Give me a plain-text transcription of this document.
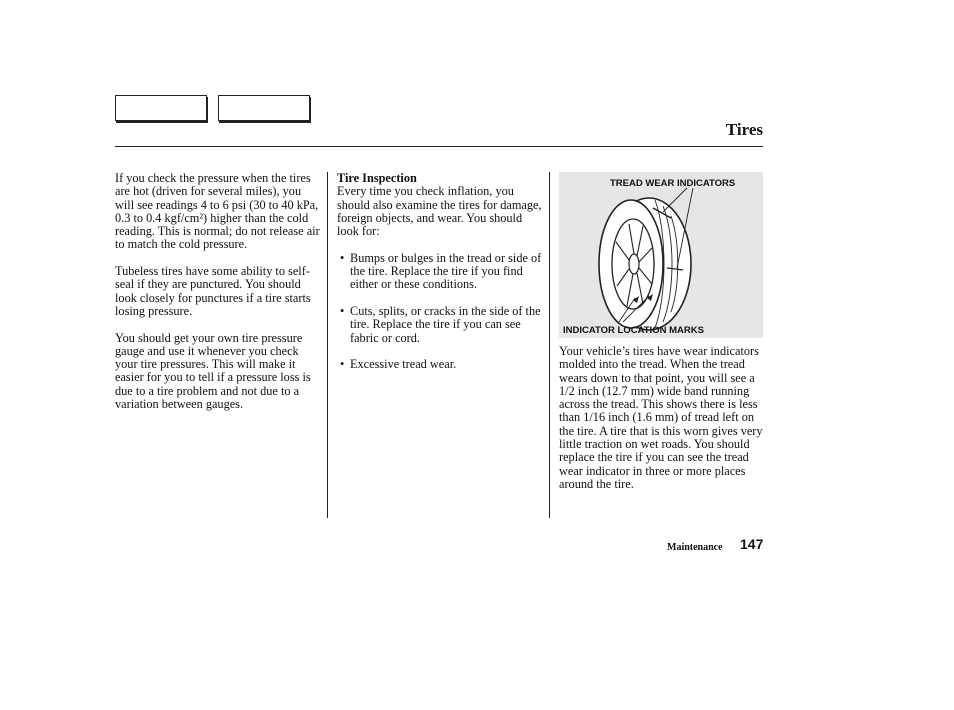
Tires

If you check the pressure when the tires are hot (driven for several miles), you will see readings 4 to 6 psi (30 to 40 kPa, 0.3 to 0.4 kgf/cm²) higher than the cold reading. This is normal; do not release air to match the cold pressure.

Tubeless tires have some ability to self-seal if they are punctured. You should look closely for punctures if a tire starts losing pressure.

You should get your own tire pressure gauge and use it whenever you check your tire pressures. This will make it easier for you to tell if a pressure loss is due to a tire problem and not due to a variation between gauges.

Tire Inspection

Every time you check inflation, you should also examine the tires for damage, foreign objects, and wear. You should look for:

• Bumps or bulges in the tread or side of the tire. Replace the tire if you find either or these conditions.
• Cuts, splits, or cracks in the side of the tire. Replace the tire if you can see fabric or cord.
• Excessive tread wear.
TREAD WEAR INDICATORS
INDICATOR LOCATION MARKS

Your vehicle’s tires have wear indicators molded into the tread. When the tread wears down to that point, you will see a 1/2 inch (12.7 mm) wide band running across the tread. This shows there is less than 1/16 inch (1.6 mm) of tread left on the tire. A tire that is this worn gives very little traction on wet roads. You should replace the tire if you can see the tread wear indicator in three or more places around the tire.

Maintenance 147
